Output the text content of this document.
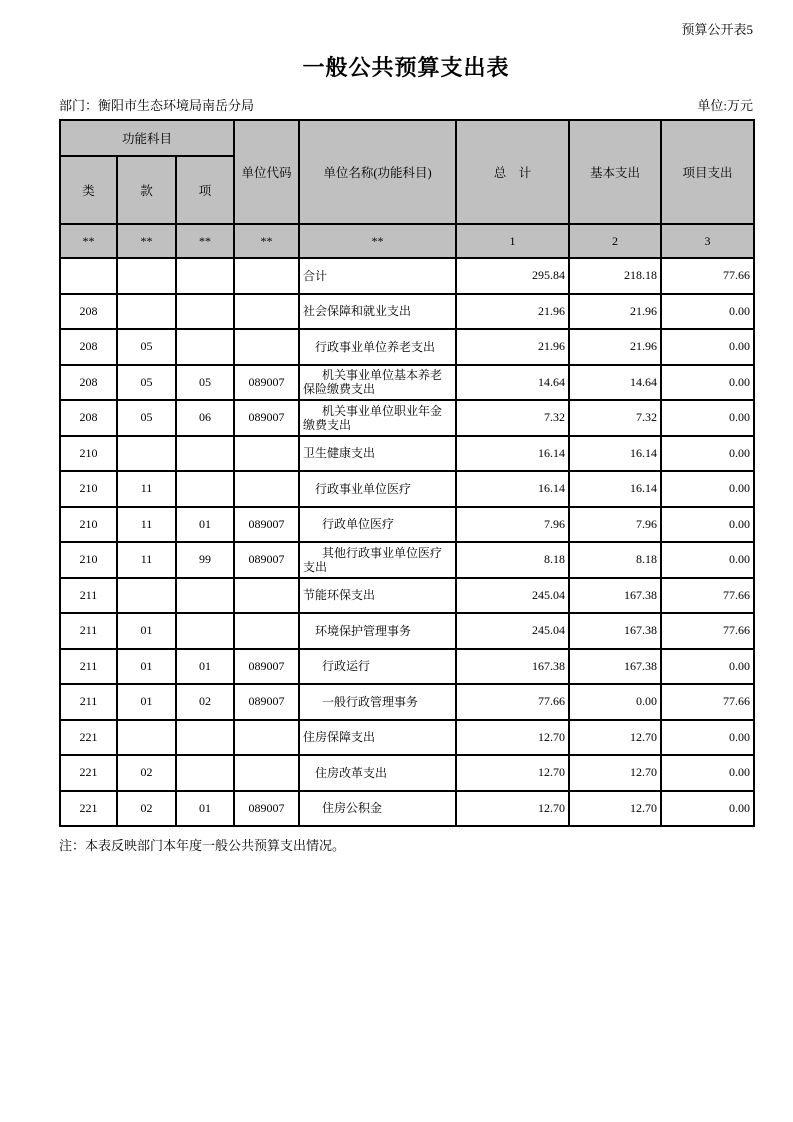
预算公开表5
一般公共预算支出表
部门：衡阳市生态环境局南岳分局	单位:万元
功能科目			单位代码	单位名称(功能科目)	总　计	基本支出	项目支出
类	款	项					
**	**	**	**	**	1	2	3
				合计	295.84	218.18	77.66
208				社会保障和就业支出	21.96	21.96	0.00
208	05			行政事业单位养老支出	21.96	21.96	0.00
208	05	05	089007	机关事业单位基本养老保险缴费支出	14.64	14.64	0.00
208	05	06	089007	机关事业单位职业年金缴费支出	7.32	7.32	0.00
210				卫生健康支出	16.14	16.14	0.00
210	11			行政事业单位医疗	16.14	16.14	0.00
210	11	01	089007	行政单位医疗	7.96	7.96	0.00
210	11	99	089007	其他行政事业单位医疗支出	8.18	8.18	0.00
211				节能环保支出	245.04	167.38	77.66
211	01			环境保护管理事务	245.04	167.38	77.66
211	01	01	089007	行政运行	167.38	167.38	0.00
211	01	02	089007	一般行政管理事务	77.66	0.00	77.66
221				住房保障支出	12.70	12.70	0.00
221	02			住房改革支出	12.70	12.70	0.00
221	02	01	089007	住房公积金	12.70	12.70	0.00
注：本表反映部门本年度一般公共预算支出情况。
